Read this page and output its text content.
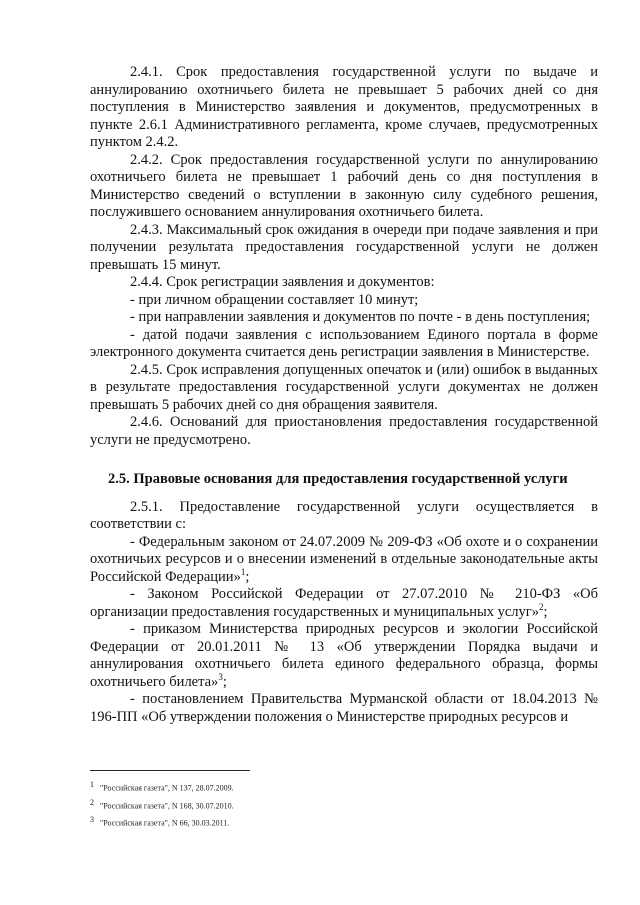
2.4.1. Срок предоставления государственной услуги по выдаче и аннулированию охотничьего билета не превышает 5 рабочих дней со дня поступления в Министерство заявления и документов, предусмотренных в пункте 2.6.1 Административного регламента, кроме случаев, предусмотренных пунктом 2.4.2.

2.4.2. Срок предоставления государственной услуги по аннулированию охотничьего билета не превышает 1 рабочий день со дня поступления в Министерство сведений о вступлении в законную силу судебного решения, послужившего основанием аннулирования охотничьего билета.

2.4.3. Максимальный срок ожидания в очереди при подаче заявления и при получении результата предоставления государственной услуги не должен превышать 15 минут.

2.4.4. Срок регистрации заявления и документов:

- при личном обращении составляет 10 минут;

- при направлении заявления и документов по почте - в день поступления;

- датой подачи заявления с использованием Единого портала в форме электронного документа считается день регистрации заявления в Министерстве.

2.4.5. Срок исправления допущенных опечаток и (или) ошибок в выданных в результате предоставления государственной услуги документах не должен превышать 5 рабочих дней со дня обращения заявителя.

2.4.6. Оснований для приостановления предоставления государственной услуги не предусмотрено.

2.5. Правовые основания для предоставления государственной услуги

2.5.1. Предоставление государственной услуги осуществляется в соответствии с:

- Федеральным законом от 24.07.2009 № 209-ФЗ «Об охоте и о сохранении охотничьих ресурсов и о внесении изменений в отдельные законодательные акты Российской Федерации»$^1$;

- Законом Российской Федерации от 27.07.2010 № 210-ФЗ «Об организации предоставления государственных и муниципальных услуг»$^2$;

- приказом Министерства природных ресурсов и экологии Российской Федерации от 20.01.2011 № 13 «Об утверждении Порядка выдачи и аннулирования охотничьего билета единого федерального образца, формы охотничьего билета»$^3$;

- постановлением Правительства Мурманской области от 18.04.2013 № 196-ПП «Об утверждении положения о Министерстве природных ресурсов и

1 "Российская газета", N 137, 28.07.2009.

2 "Российская газета", N 168, 30.07.2010.

3 "Российская газета", N 66, 30.03.2011.
